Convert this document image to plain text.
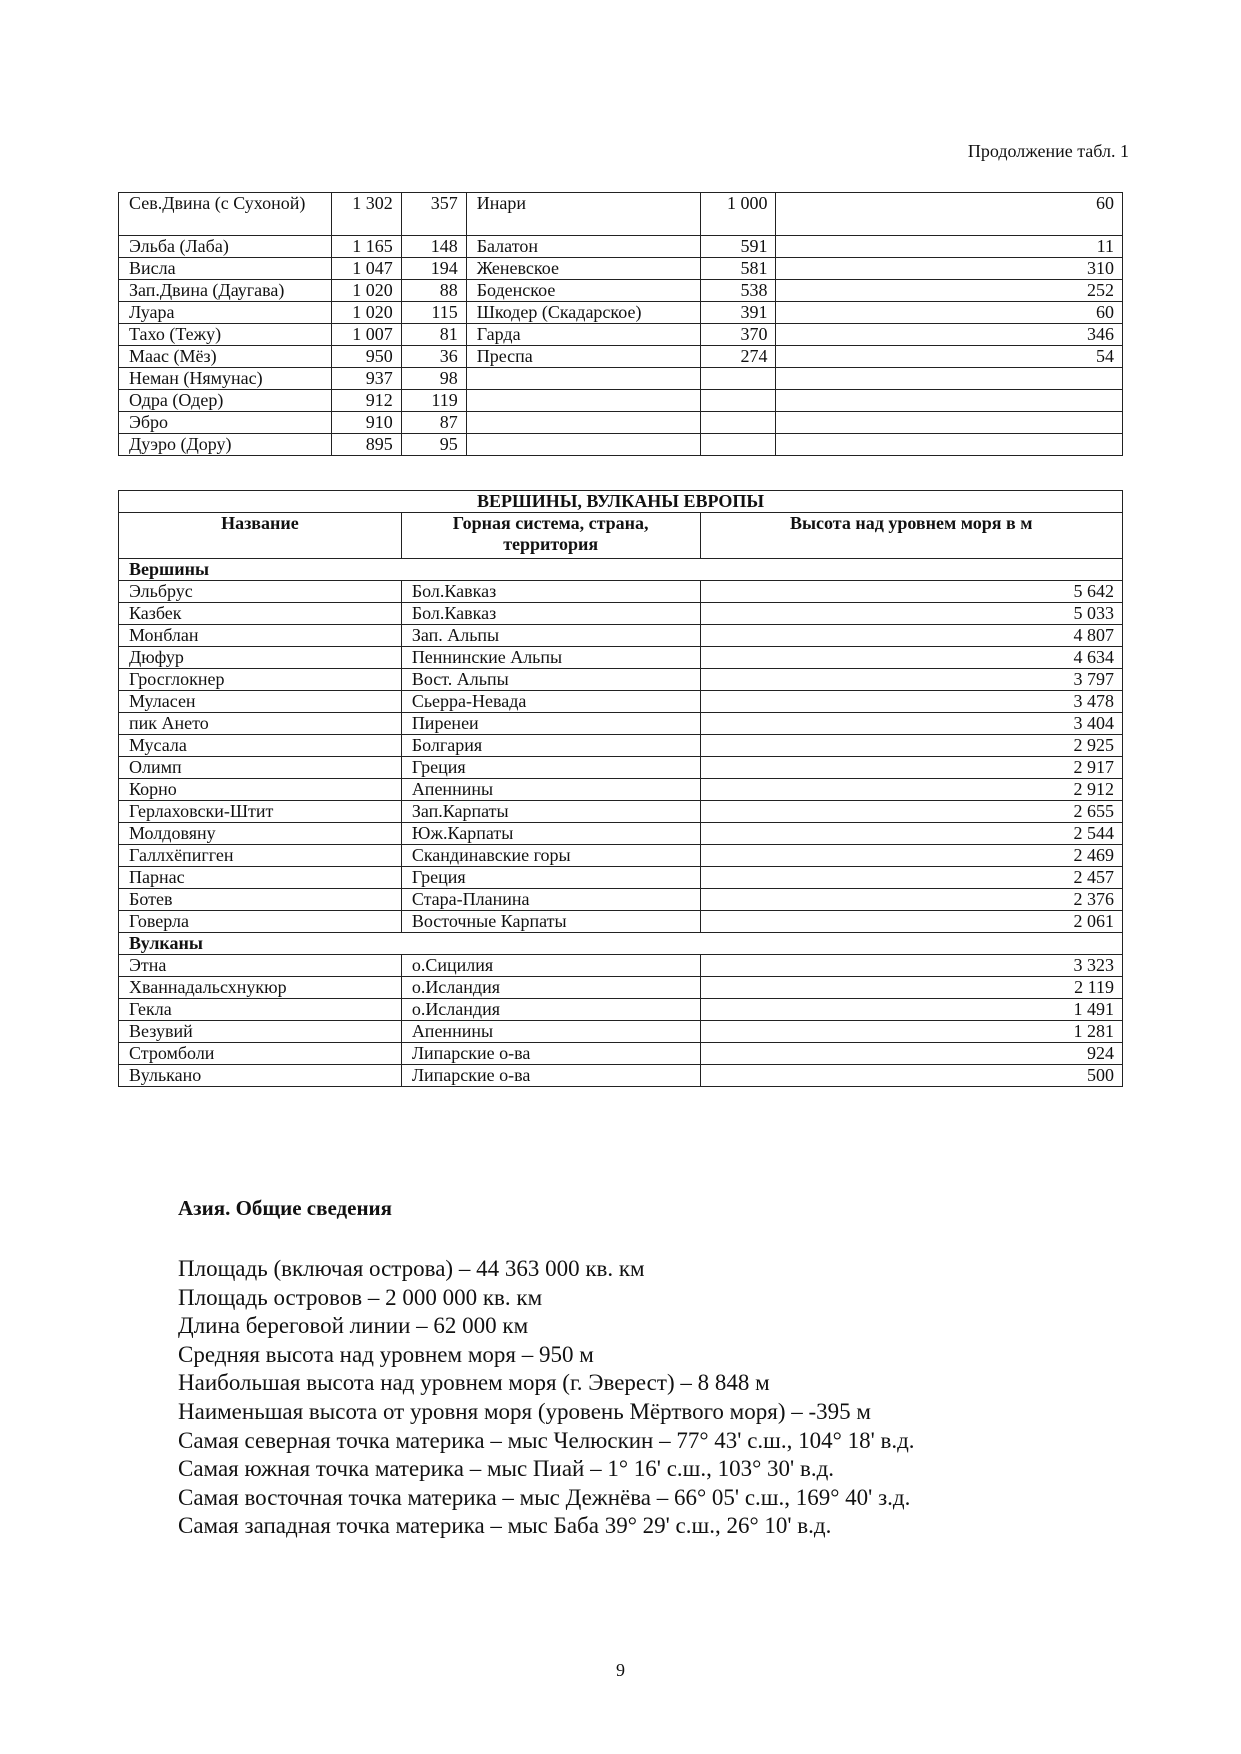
Продолжение табл. 1
Сев.Двина (с Сухоной)	1 302	357	Инари	1 000	60
Эльба (Лаба)	1 165	148	Балатон	591	11
Висла	1 047	194	Женевское	581	310
Зап.Двина (Даугава)	1 020	88	Боденское	538	252
Луара	1 020	115	Шкодер (Скадарское)	391	60
Тахо (Тежу)	1 007	81	Гарда	370	346
Маас (Мёз)	950	36	Преспа	274	54
Неман (Нямунас)	937	98			
Одра (Одер)	912	119			
Эбро	910	87			
Дуэро (Дору)	895	95			
ВЕРШИНЫ, ВУЛКАНЫ ЕВРОПЫ		
Название	Горная система, страна, территория	Высота над уровнем моря в м
Вершины		
Эльбрус	Бол.Кавказ	5 642
Казбек	Бол.Кавказ	5 033
Монблан	Зап. Альпы	4 807
Дюфур	Пеннинские Альпы	4 634
Гросглокнер	Вост. Альпы	3 797
Муласен	Сьерра-Невада	3 478
пик Ането	Пиренеи	3 404
Мусала	Болгария	2 925
Олимп	Греция	2 917
Корно	Апеннины	2 912
Герлаховски-Штит	Зап.Карпаты	2 655
Молдовяну	Юж.Карпаты	2 544
Галлхёпигген	Скандинавские горы	2 469
Парнас	Греция	2 457
Ботев	Стара-Планина	2 376
Говерла	Восточные Карпаты	2 061
Вулканы		
Этна	о.Сицилия	3 323
Хваннадальсхнукюр	о.Исландия	2 119
Гекла	о.Исландия	1 491
Везувий	Апеннины	1 281
Стромболи	Липарские о-ва	924
Вулькано	Липарские о-ва	500
Азия. Общие сведения
Площадь (включая острова) – 44 363 000 кв. км
Площадь островов – 2 000 000 кв. км
Длина береговой линии – 62 000 км
Средняя высота над уровнем моря – 950 м
Наибольшая высота над уровнем моря (г. Эверест) – 8 848 м
Наименьшая высота от уровня моря (уровень Мёртвого моря) – -395 м
Самая северная точка материка – мыс Челюскин – 77° 43' с.ш., 104° 18' в.д.
Самая южная точка материка – мыс Пиай – 1° 16' с.ш., 103° 30' в.д.
Самая восточная точка материка – мыс Дежнёва – 66° 05' с.ш., 169° 40' з.д.
Самая западная точка материка – мыс Баба 39° 29' с.ш., 26° 10' в.д.
9
